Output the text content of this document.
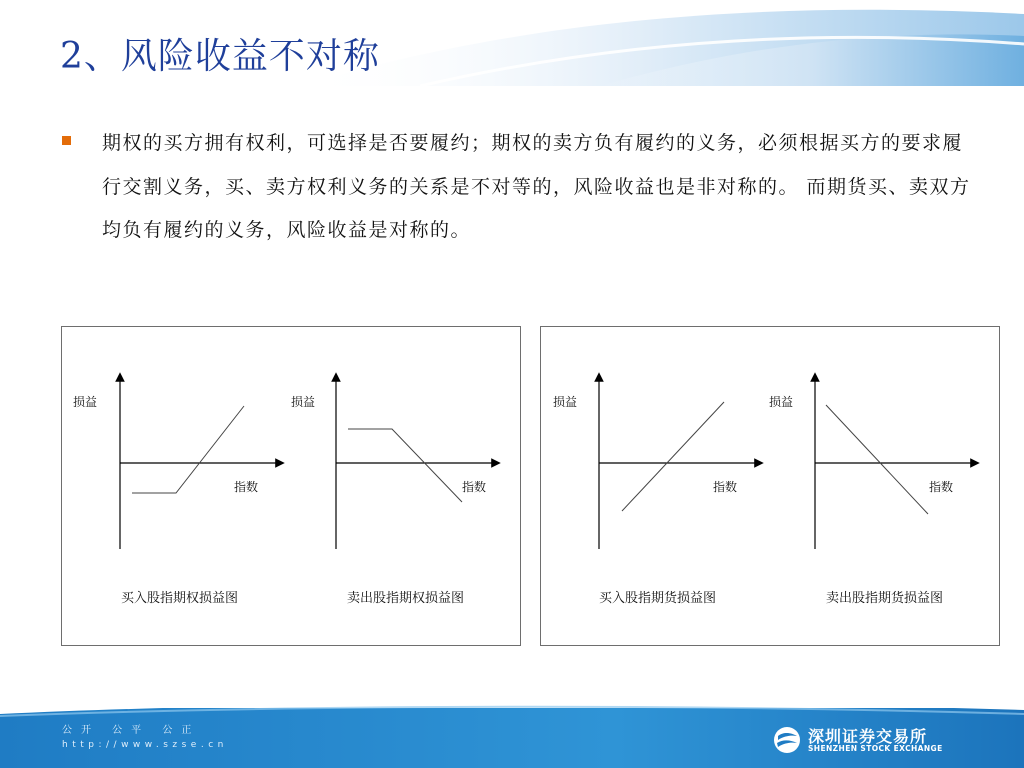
2、风险收益不对称
期权的买方拥有权利，可选择是否要履约；期权的卖方负有履约的义务，必须根据买方的要求履行交割义务，买、卖方权利义务的关系是不对等的，风险收益也是非对称的。 而期货买、卖双方均负有履约的义务，风险收益是对称的。
损益
指数
买入股指期权损益图
损益
指数
卖出股指期权损益图
损益
指数
买入股指期货损益图
损益
指数
卖出股指期货损益图
公开 公平 公正
http://www.szse.cn	深圳证券交易所
SHENZHEN STOCK EXCHANGE
